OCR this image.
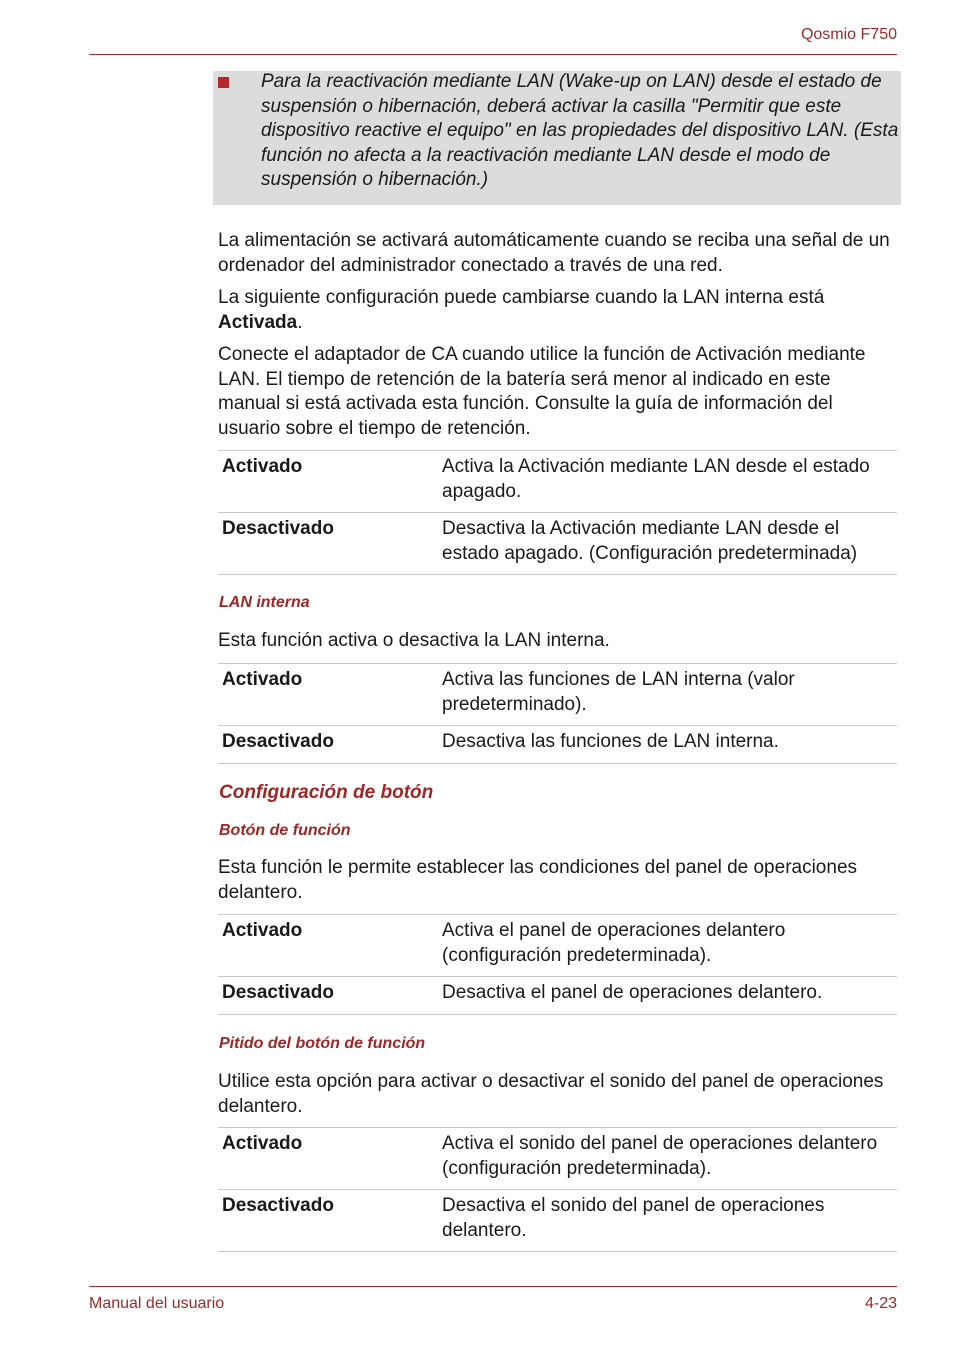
Qosmio F750
Para la reactivación mediante LAN (Wake-up on LAN) desde el estado de suspensión o hibernación, deberá activar la casilla "Permitir que este dispositivo reactive el equipo" en las propiedades del dispositivo LAN. (Esta función no afecta a la reactivación mediante LAN desde el modo de suspensión o hibernación.)

La alimentación se activará automáticamente cuando se reciba una señal de un ordenador del administrador conectado a través de una red.

La siguiente configuración puede cambiarse cuando la LAN interna está Activada.

Conecte el adaptador de CA cuando utilice la función de Activación mediante LAN. El tiempo de retención de la batería será menor al indicado en este manual si está activada esta función. Consulte la guía de información del usuario sobre el tiempo de retención.

Activado	Activa la Activación mediante LAN desde el estado apagado.
Desactivado	Desactiva la Activación mediante LAN desde el estado apagado. (Configuración predeterminada)
LAN interna

Esta función activa o desactiva la LAN interna.

Activado	Activa las funciones de LAN interna (valor predeterminado).
Desactivado	Desactiva las funciones de LAN interna.
Configuración de botón
Botón de función

Esta función le permite establecer las condiciones del panel de operaciones delantero.

Activado	Activa el panel de operaciones delantero (configuración predeterminada).
Desactivado	Desactiva el panel de operaciones delantero.
Pitido del botón de función

Utilice esta opción para activar o desactivar el sonido del panel de operaciones delantero.

Activado	Activa el sonido del panel de operaciones delantero (configuración predeterminada).
Desactivado	Desactiva el sonido del panel de operaciones delantero.
Manual del usuario	4-23
